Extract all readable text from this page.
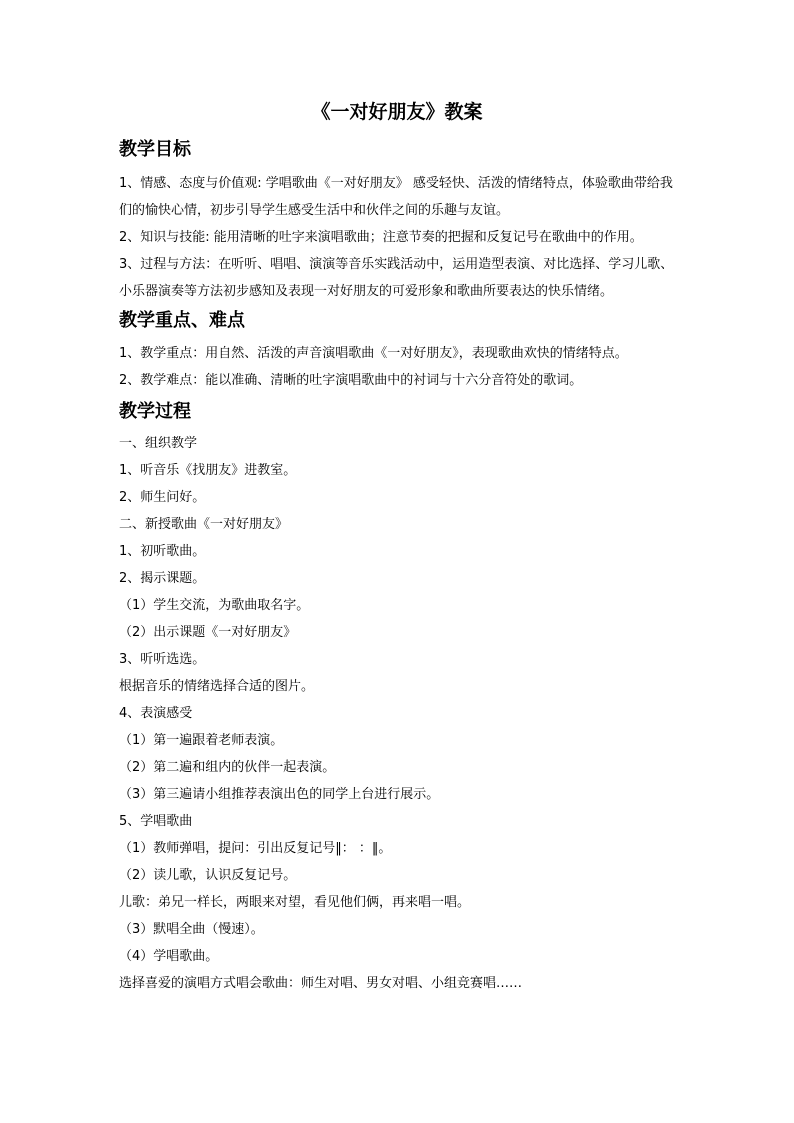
《一对好朋友》教案
教学目标
1、情感、态度与价值观: 学唱歌曲《一对好朋友》 感受轻快、活泼的情绪特点，体验歌曲带给我们的愉快心情，初步引导学生感受生活中和伙伴之间的乐趣与友谊。
2、知识与技能: 能用清晰的吐字来演唱歌曲；注意节奏的把握和反复记号在歌曲中的作用。
3、过程与方法：在听听、唱唱、演演等音乐实践活动中，运用造型表演、对比选择、学习儿歌、小乐器演奏等方法初步感知及表现一对好朋友的可爱形象和歌曲所要表达的快乐情绪。
教学重点、难点
1、教学重点：用自然、活泼的声音演唱歌曲《一对好朋友》，表现歌曲欢快的情绪特点。
2、教学难点：能以准确、清晰的吐字演唱歌曲中的衬词与十六分音符处的歌词。
教学过程
一、组织教学
1、听音乐《找朋友》进教室。
2、师生问好。
二、新授歌曲《一对好朋友》
1、初听歌曲。
2、揭示课题。
（1）学生交流，为歌曲取名字。
（2）出示课题《一对好朋友》
3、听听选选。
根据音乐的情绪选择合适的图片。
4、表演感受
（1）第一遍跟着老师表演。
（2）第二遍和组内的伙伴一起表演。
（3）第三遍请小组推荐表演出色的同学上台进行展示。
5、学唱歌曲
（1）教师弹唱，提问：引出反复记号‖： ：‖。
（2）读儿歌，认识反复记号。
儿歌：弟兄一样长，两眼来对望，看见他们俩，再来唱一唱。
（3）默唱全曲（慢速）。
（4）学唱歌曲。
选择喜爱的演唱方式唱会歌曲：师生对唱、男女对唱、小组竞赛唱……
